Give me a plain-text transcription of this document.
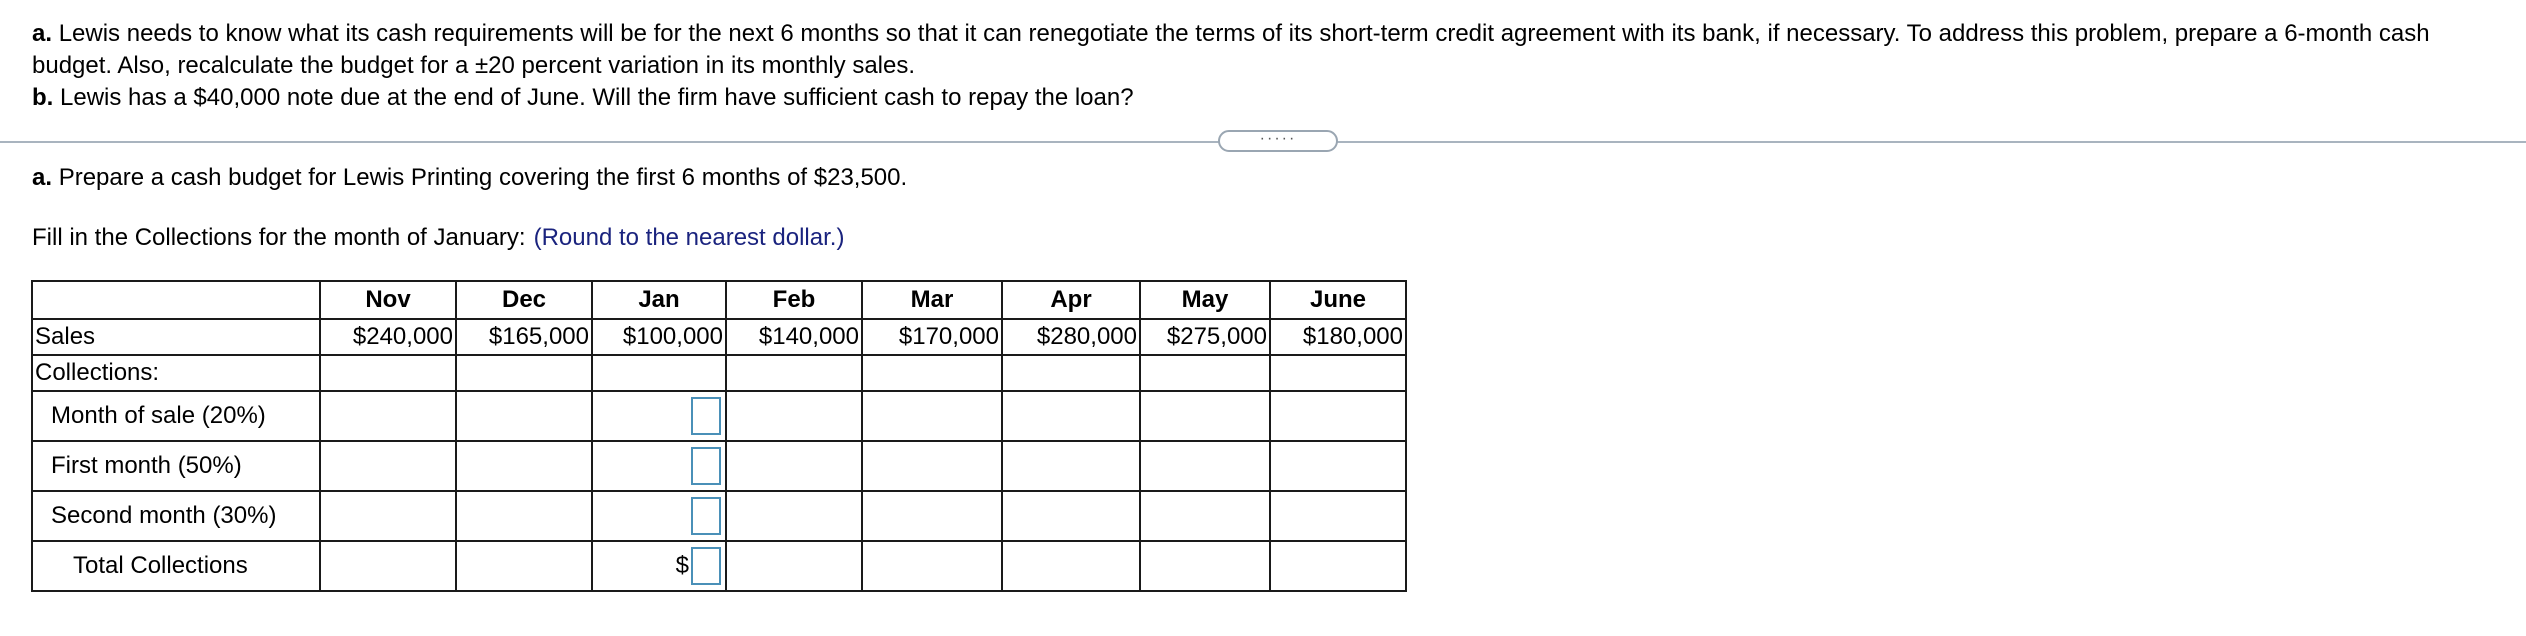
a. Lewis needs to know what its cash requirements will be for the next 6 months so that it can renegotiate the terms of its short-term credit agreement with its bank, if necessary. To address this problem, prepare a 6-month cash budget. Also, recalculate the budget for a ±20 percent variation in its monthly sales.

b. Lewis has a $40,000 note due at the end of June. Will the firm have sufficient cash to repay the loan?

·····
a. Prepare a cash budget for Lewis Printing covering the first 6 months of $23,500.
Fill in the Collections for the month of January: (Round to the nearest dollar.)
	Nov	Dec	Jan	Feb	Mar	Apr	May	June
Sales	$240,000	$165,000	$100,000	$140,000	$170,000	$280,000	$275,000	$180,000
Collections:								
Month of sale (20%)								
First month (50%)								
Second month (30%)								
Total Collections			$					
